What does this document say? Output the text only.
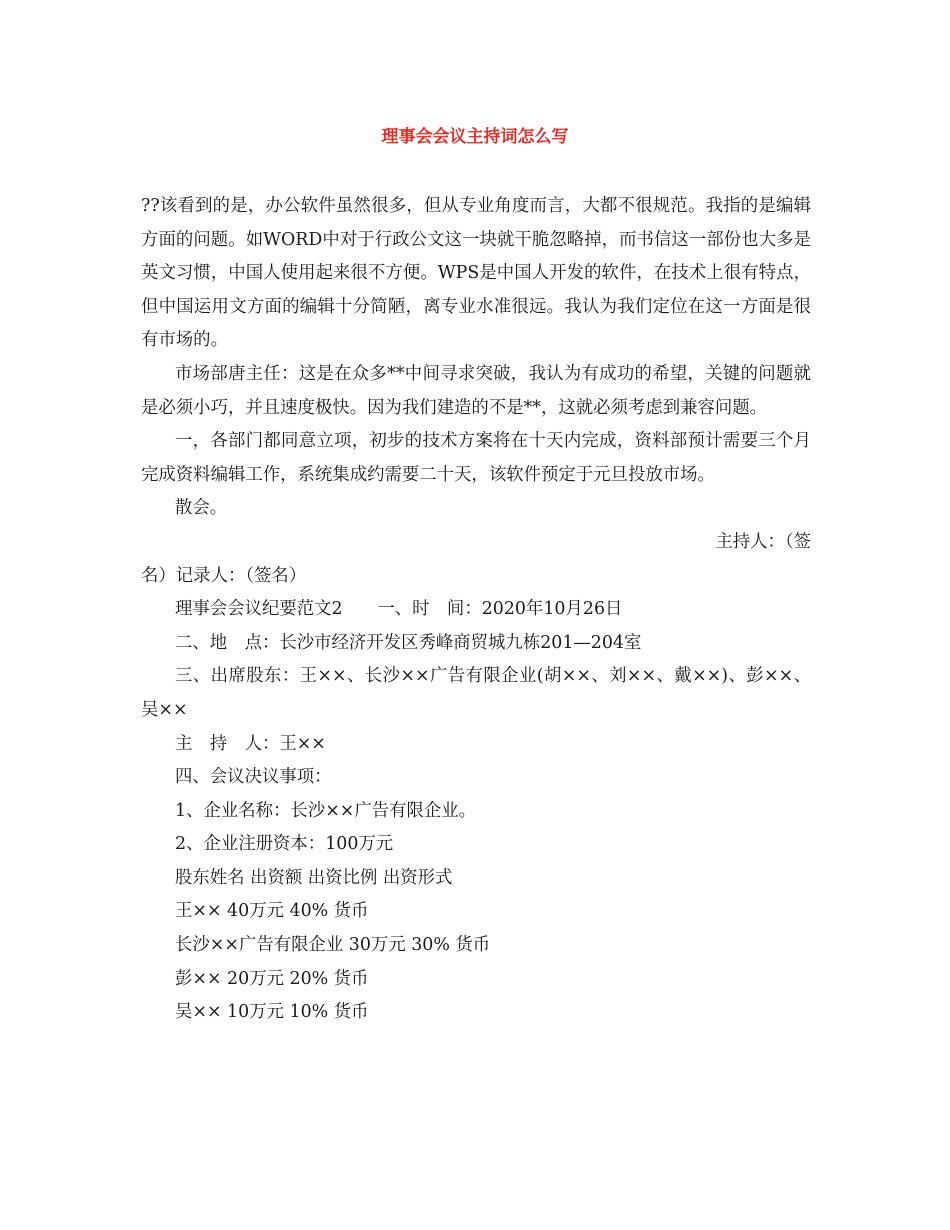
理事会会议主持词怎么写

??该看到的是，办公软件虽然很多，但从专业角度而言，大都不很规范。我指的是编辑方面的问题。如WORD中对于行政公文这一块就干脆忽略掉，而书信这一部份也大多是英文习惯，中国人使用起来很不方便。WPS是中国人开发的软件，在技术上很有特点，但中国运用文方面的编辑十分简陋，离专业水准很远。我认为我们定位在这一方面是很有市场的。

市场部唐主任：这是在众多**中间寻求突破，我认为有成功的希望，关键的问题就是必须小巧，并且速度极快。因为我们建造的不是**，这就必须考虑到兼容问题。

一，各部门都同意立项，初步的技术方案将在十天内完成，资料部预计需要三个月完成资料编辑工作，系统集成约需要二十天，该软件预定于元旦投放市场。

散会。

主持人：（签

名）记录人：（签名）

理事会会议纪要范文2　　一、时　间：2020年10月26日

二、地　点：长沙市经济开发区秀峰商贸城九栋201—204室

三、出席股东：王××、长沙××广告有限企业(胡××、刘××、戴××)、彭××、吴××

主　持　人：王××

四、会议决议事项：

1、企业名称：长沙××广告有限企业。

2、企业注册资本：100万元

股东姓名 出资额 出资比例 出资形式

王×× 40万元 40% 货币

长沙××广告有限企业 30万元 30% 货币

彭×× 20万元 20% 货币

吴×× 10万元 10% 货币
